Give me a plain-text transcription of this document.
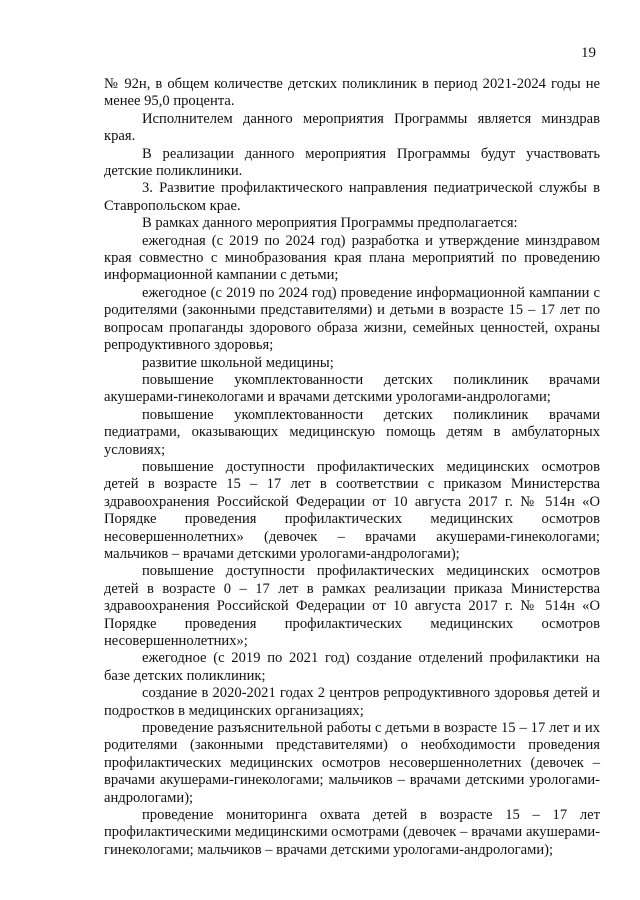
19

№ 92н, в общем количестве детских поликлиник в период 2021-2024 годы не менее 95,0 процента.

Исполнителем данного мероприятия Программы является минздрав края.

В реализации данного мероприятия Программы будут участвовать детские поликлиники.

3. Развитие профилактического направления педиатрической службы в Ставропольском крае.

В рамках данного мероприятия Программы предполагается:

ежегодная (с 2019 по 2024 год) разработка и утверждение минздравом края совместно с минобразования края плана мероприятий по проведению информационной кампании с детьми;

ежегодное (с 2019 по 2024 год) проведение информационной кампании с родителями (законными представителями) и детьми в возрасте 15 – 17 лет по вопросам пропаганды здорового образа жизни, семейных ценностей, охраны репродуктивного здоровья;

развитие школьной медицины;

повышение укомплектованности детских поликлиник врачами акушерами-гинекологами и врачами детскими урологами-андрологами;

повышение укомплектованности детских поликлиник врачами педиатрами, оказывающих медицинскую помощь детям в амбулаторных условиях;

повышение доступности профилактических медицинских осмотров детей в возрасте 15 – 17 лет в соответствии с приказом Министерства здравоохранения Российской Федерации от 10 августа 2017 г. № 514н «О Порядке проведения профилактических медицинских осмотров несовершеннолетних» (девочек – врачами акушерами-гинекологами; мальчиков – врачами детскими урологами-андрологами);

повышение доступности профилактических медицинских осмотров детей в возрасте 0 – 17 лет в рамках реализации приказа Министерства здравоохранения Российской Федерации от 10 августа 2017 г. № 514н «О Порядке проведения профилактических медицинских осмотров несовершеннолетних»;

ежегодное (с 2019 по 2021 год) создание отделений профилактики на базе детских поликлиник;

создание в 2020-2021 годах 2 центров репродуктивного здоровья детей и подростков в медицинских организациях;

проведение разъяснительной работы с детьми в возрасте 15 – 17 лет и их родителями (законными представителями) о необходимости проведения профилактических медицинских осмотров несовершеннолетних (девочек – врачами акушерами-гинекологами; мальчиков – врачами детскими урологами-андрологами);

проведение мониторинга охвата детей в возрасте 15 – 17 лет профилактическими медицинскими осмотрами (девочек – врачами акушерами-гинекологами; мальчиков – врачами детскими урологами-андрологами);
